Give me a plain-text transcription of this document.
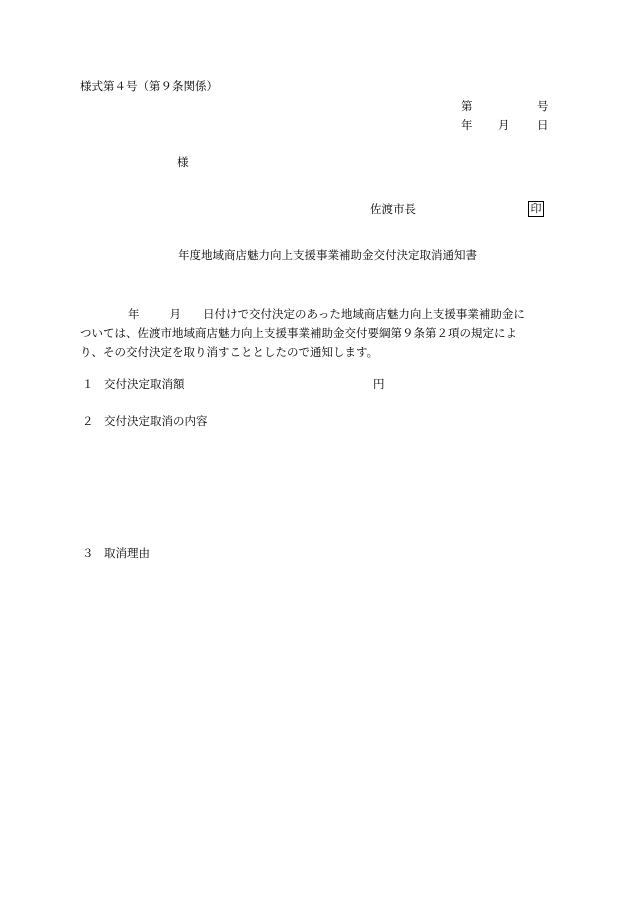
様式第４号（第９条関係）
第	号
年 月 日
様
佐渡市長	印
年度地域商店魅力向上支援事業補助金交付決定取消通知書
年	月 日付けで交付決定のあった地域商店魅力向上支援事業補助金に
ついては、佐渡市地域商店魅力向上支援事業補助金交付要綱第９条第２項の規定によ
り、その交付決定を取り消すこととしたので通知します。
１ 交付決定取消額	円
２ 交付決定取消の内容
３ 取消理由
